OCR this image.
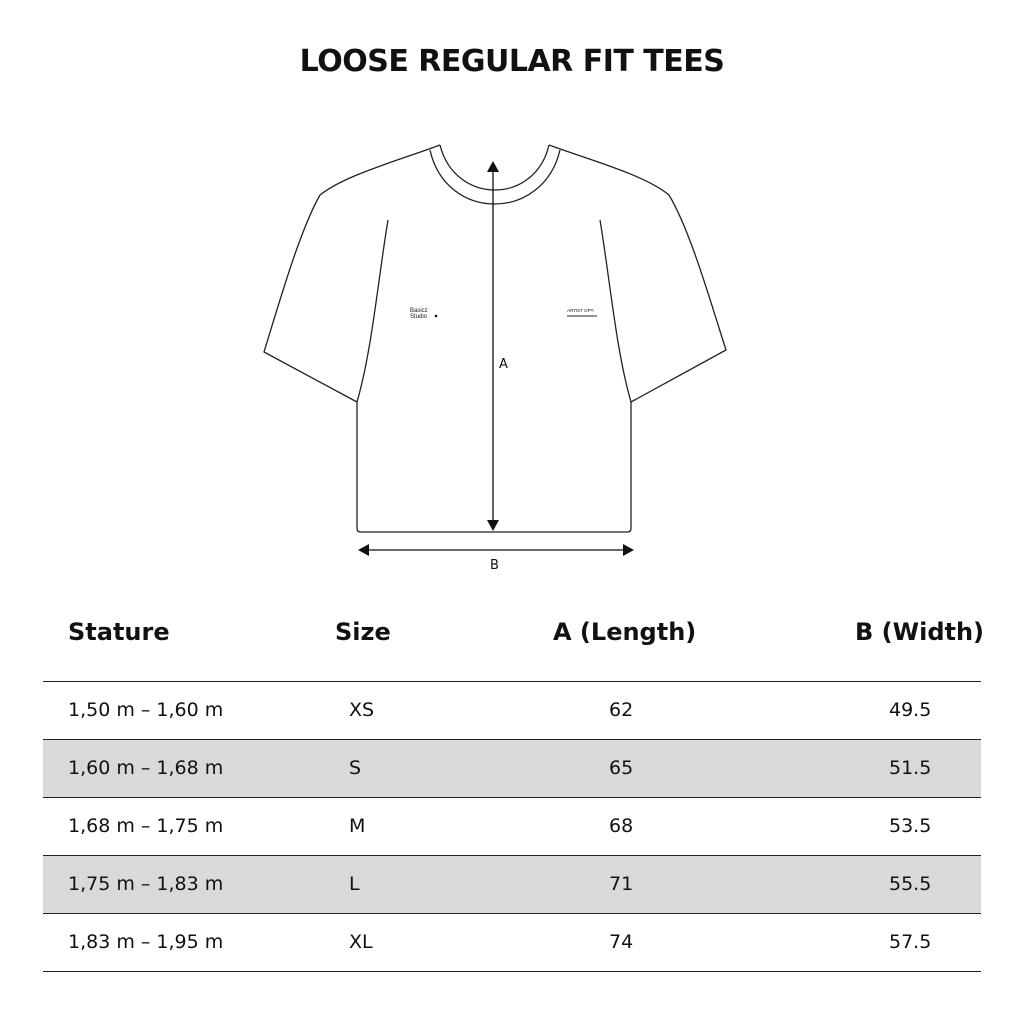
LOOSE REGULAR FIT TEES
A
B
Basicz
Studio
ARTIST OPT.
Stature	Size	A (Length)	B (Width)
1,50 m – 1,60 m	XS	62	49.5
1,60 m – 1,68 m	S	65	51.5
1,68 m – 1,75 m	M	68	53.5
1,75 m – 1,83 m	L	71	55.5
1,83 m – 1,95 m	XL	74	57.5
